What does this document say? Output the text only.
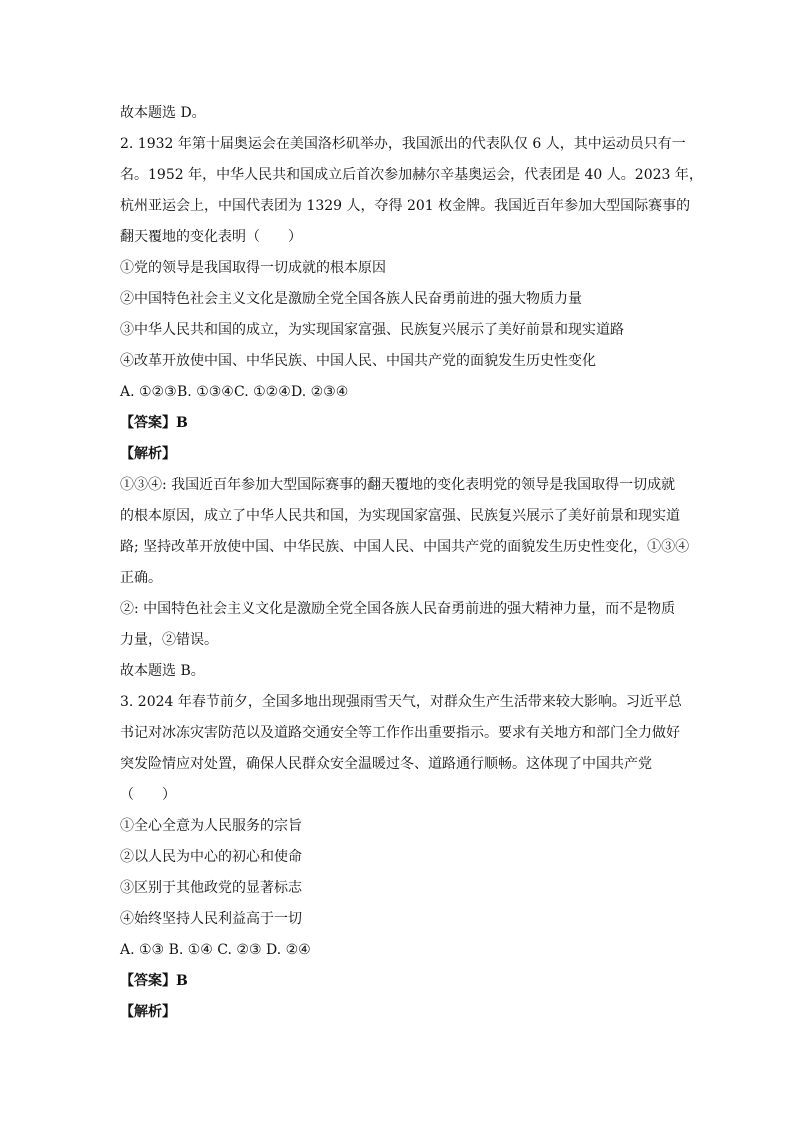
故本题选 D。
2. 1932 年第十届奥运会在美国洛杉矶举办，我国派出的代表队仅 6 人，其中运动员只有一
名。1952 年，中华人民共和国成立后首次参加赫尔辛基奥运会，代表团是 40 人。2023 年，
杭州亚运会上，中国代表团为 1329 人，夺得 201 枚金牌。我国近百年参加大型国际赛事的
翻天覆地的变化表明（　　）
①党的领导是我国取得一切成就的根本原因
②中国特色社会主义文化是激励全党全国各族人民奋勇前进的强大物质力量
③中华人民共和国的成立，为实现国家富强、民族复兴展示了美好前景和现实道路
④改革开放使中国、中华民族、中国人民、中国共产党的面貌发生历史性变化
A. ①②③B. ①③④C. ①②④D. ②③④
【答案】B
【解析】
①③④: 我国近百年参加大型国际赛事的翻天覆地的变化表明党的领导是我国取得一切成就
的根本原因，成立了中华人民共和国，为实现国家富强、民族复兴展示了美好前景和现实道
路; 坚持改革开放使中国、中华民族、中国人民、中国共产党的面貌发生历史性变化，①③④
正确。
②: 中国特色社会主义文化是激励全党全国各族人民奋勇前进的强大精神力量，而不是物质
力量，②错误。
故本题选 B。
3. 2024 年春节前夕，全国多地出现强雨雪天气，对群众生产生活带来较大影响。习近平总
书记对冰冻灾害防范以及道路交通安全等工作作出重要指示。要求有关地方和部门全力做好
突发险情应对处置，确保人民群众安全温暖过冬、道路通行顺畅。这体现了中国共产党
（　　）
①全心全意为人民服务的宗旨
②以人民为中心的初心和使命
③区别于其他政党的显著标志
④始终坚持人民利益高于一切
A. ①③ B. ①④ C. ②③ D. ②④
【答案】B
【解析】
